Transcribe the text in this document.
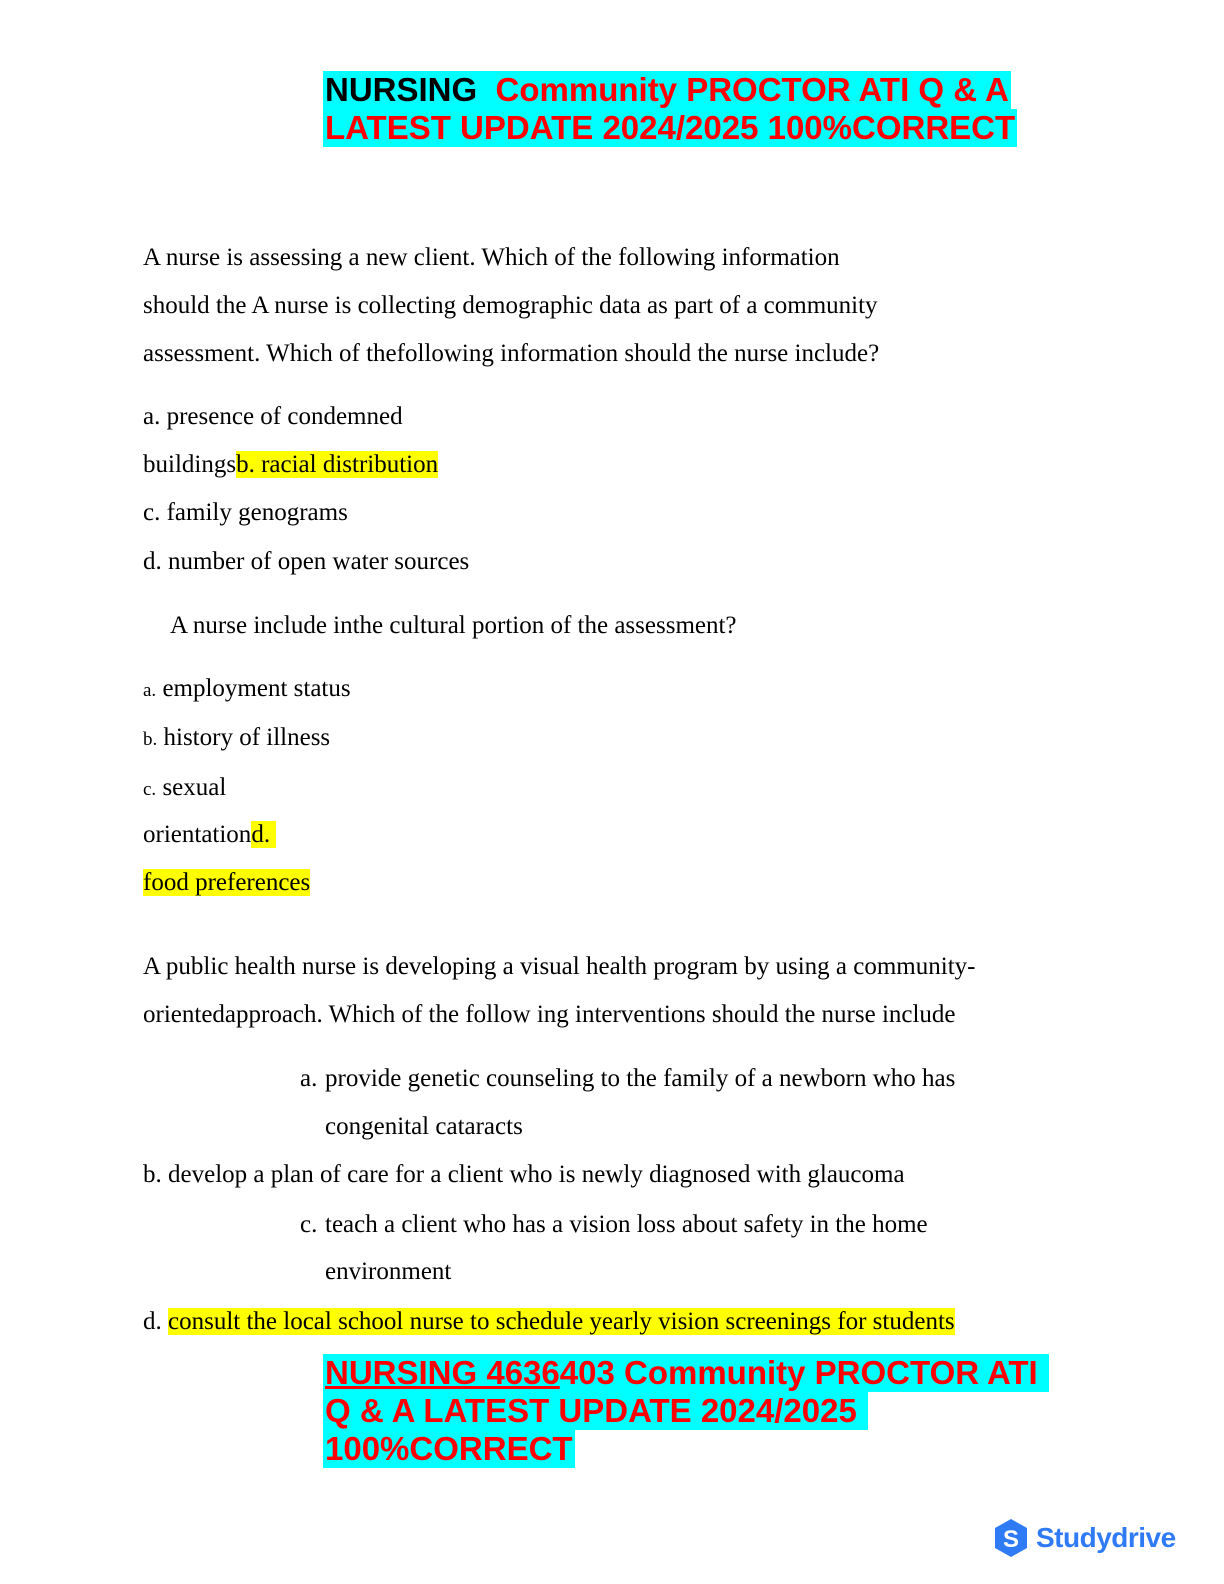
NURSING Community PROCTOR ATI Q & A
LATEST UPDATE 2024/2025 100%CORRECT
A nurse is assessing a new client. Which of the following information
should the A nurse is collecting demographic data as part of a community
assessment. Which of thefollowing information should the nurse include?
a. presence of condemned
buildingsb. racial distribution
c. family genograms
d. number of open water sources
A nurse include inthe cultural portion of the assessment?
a. employment status
b. history of illness
c. sexual
orientationd.
food preferences
A public health nurse is developing a visual health program by using a community-
orientedapproach. Which of the follow ing interventions should the nurse include
a. provide genetic counseling to the family of a newborn who has
congenital cataracts
b. develop a plan of care for a client who is newly diagnosed with glaucoma
c. teach a client who has a vision loss about safety in the home
environment
d. consult the local school nurse to schedule yearly vision screenings for students
NURSING 4636403 Community PROCTOR ATI
Q & A LATEST UPDATE 2024/2025
100%CORRECT
S Studydrive
